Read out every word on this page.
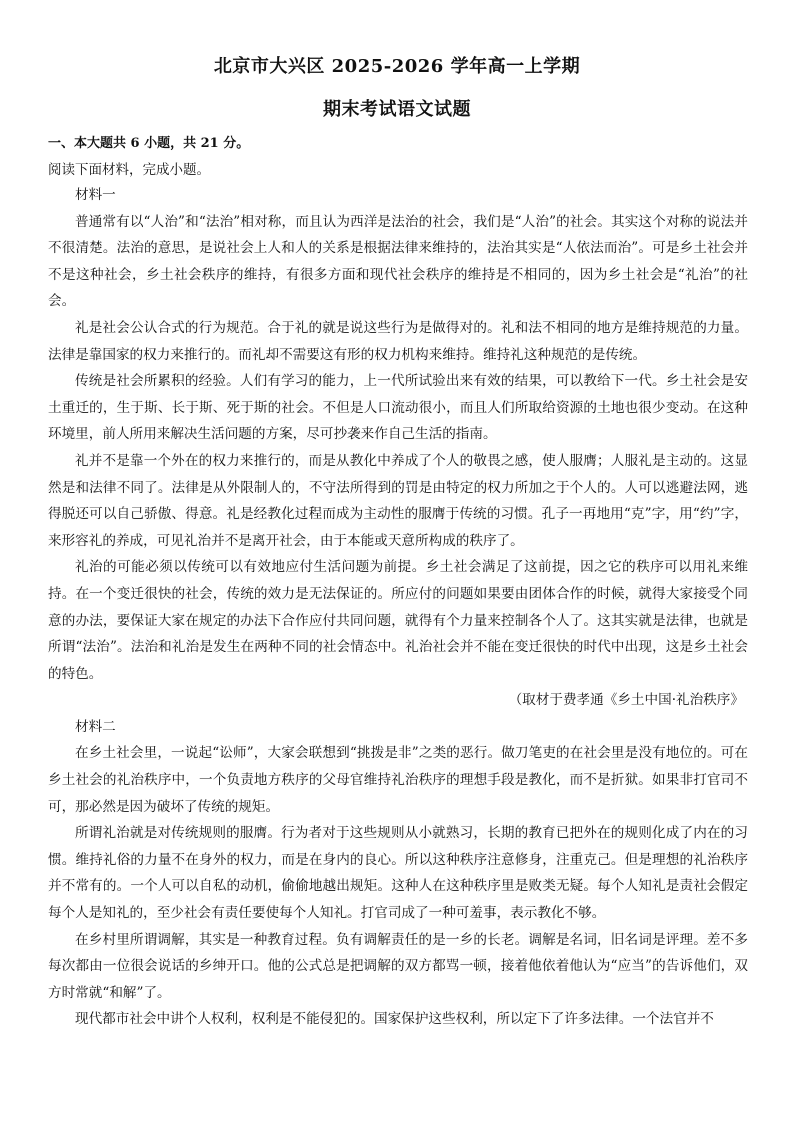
北京市大兴区 2025-2026 学年高一上学期
期末考试语文试题
一、本大题共 6 小题，共 21 分。
阅读下面材料，完成小题。

材料一

普通常有以“人治”和“法治”相对称，而且认为西洋是法治的社会，我们是“人治”的社会。其实这个对称的说法并不很清楚。法治的意思，是说社会上人和人的关系是根据法律来维持的，法治其实是“人依法而治”。可是乡土社会并不是这种社会，乡土社会秩序的维持，有很多方面和现代社会秩序的维持是不相同的，因为乡土社会是“礼治”的社会。

礼是社会公认合式的行为规范。合于礼的就是说这些行为是做得对的。礼和法不相同的地方是维持规范的力量。法律是靠国家的权力来推行的。而礼却不需要这有形的权力机构来维持。维持礼这种规范的是传统。

传统是社会所累积的经验。人们有学习的能力，上一代所试验出来有效的结果，可以教给下一代。乡土社会是安土重迁的，生于斯、长于斯、死于斯的社会。不但是人口流动很小，而且人们所取给资源的土地也很少变动。在这种环境里，前人所用来解决生活问题的方案，尽可抄袭来作自己生活的指南。

礼并不是靠一个外在的权力来推行的，而是从教化中养成了个人的敬畏之感，使人服膺；人服礼是主动的。这显然是和法律不同了。法律是从外限制人的，不守法所得到的罚是由特定的权力所加之于个人的。人可以逃避法网，逃得脱还可以自己骄傲、得意。礼是经教化过程而成为主动性的服膺于传统的习惯。孔子一再地用“克”字，用“约”字，来形容礼的养成，可见礼治并不是离开社会，由于本能或天意所构成的秩序了。

礼治的可能必须以传统可以有效地应付生活问题为前提。乡土社会满足了这前提，因之它的秩序可以用礼来维持。在一个变迁很快的社会，传统的效力是无法保证的。所应付的问题如果要由团体合作的时候，就得大家接受个同意的办法，要保证大家在规定的办法下合作应付共同问题，就得有个力量来控制各个人了。这其实就是法律，也就是所谓“法治”。法治和礼治是发生在两种不同的社会情态中。礼治社会并不能在变迁很快的时代中出现，这是乡土社会的特色。

（取材于费孝通《乡土中国·礼治秩序》

材料二

在乡土社会里，一说起“讼师”，大家会联想到“挑拨是非”之类的恶行。做刀笔吏的在社会里是没有地位的。可在乡土社会的礼治秩序中，一个负责地方秩序的父母官维持礼治秩序的理想手段是教化，而不是折狱。如果非打官司不可，那必然是因为破坏了传统的规矩。

所谓礼治就是对传统规则的服膺。行为者对于这些规则从小就熟习，长期的教育已把外在的规则化成了内在的习惯。维持礼俗的力量不在身外的权力，而是在身内的良心。所以这种秩序注意修身，注重克己。但是理想的礼治秩序并不常有的。一个人可以自私的动机，偷偷地越出规矩。这种人在这种秩序里是败类无疑。每个人知礼是责社会假定每个人是知礼的，至少社会有责任要使每个人知礼。打官司成了一种可羞事，表示教化不够。

在乡村里所谓调解，其实是一种教育过程。负有调解责任的是一乡的长老。调解是名词，旧名词是评理。差不多每次都由一位很会说话的乡绅开口。他的公式总是把调解的双方都骂一顿，接着他依着他认为“应当”的告诉他们，双方时常就“和解”了。

现代都市社会中讲个人权利，权利是不能侵犯的。国家保护这些权利，所以定下了许多法律。一个法官并不
